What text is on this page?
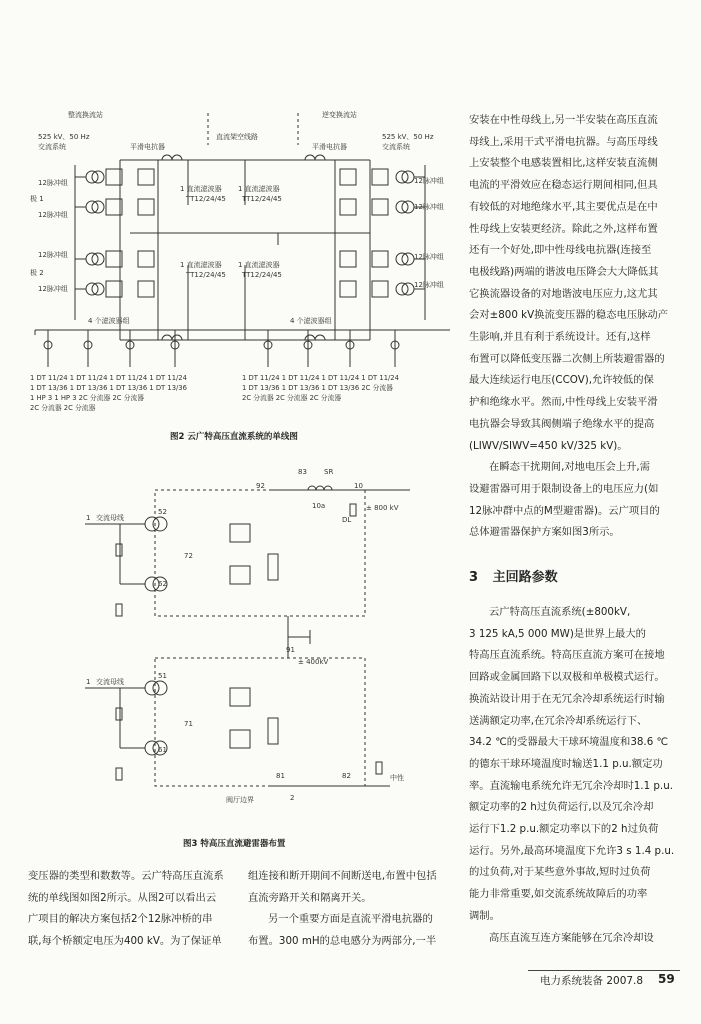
整流换流站	逆变换流站
525 kV、50 Hz
交流系统
525 kV、50 Hz
交流系统
平滑电抗器	平滑电抗器
直流架空线路
12脉冲组
12脉冲组
12脉冲组
12脉冲组
12脉冲组
12脉冲组
12脉冲组
12脉冲组
极 1
极 2
1 直流滤波器
TT12/24/45
1 直流滤波器
TT12/24/45
1 直流滤波器
TT12/24/45
1 直流滤波器
TT12/24/45
4 个滤波器组	4 个滤波器组
1 DT 11/24 1 DT 11/24 1 DT 11/24 1 DT 11/24
1 DT 13/36 1 DT 13/36 1 DT 13/36 1 DT 13/36
1 HP 3 1 HP 3 2C 分流器 2C 分流器
2C 分流器 2C 分流器
1 DT 11/24 1 DT 11/24 1 DT 11/24 1 DT 11/24
1 DT 13/36 1 DT 13/36 1 DT 13/36 2C 分流器
2C 分流器 2C 分流器 2C 分流器
图2 云广特高压直流系统的单线图
92
83 SR
10
10a
DL
± 800 kV
1 交流母线
52
72
62
91
± 400kV
1 交流母线
51
71
61
81	82	中性
阀厅边界	2
图3 特高压直流避雷器布置

安装在中性母线上,另一半安装在高压直流

母线上,采用干式平滑电抗器。与高压母线

上安装整个电感装置相比,这样安装直流侧

电流的平滑效应在稳态运行期间相同,但具

有较低的对地绝缘水平,其主要优点是在中

性母线上安装更经济。除此之外,这样布置

还有一个好处,即中性母线电抗器(连接至

电极线路)两端的谐波电压降会大大降低其

它换流器设备的对地谐波电压应力,这尤其

会对±800 kV换流变压器的稳态电压脉动产

生影响,并且有利于系统设计。还有,这样

布置可以降低变压器二次侧上所装避雷器的

最大连续运行电压(CCOV),允许较低的保

护和绝缘水平。然而,中性母线上安装平滑

电抗器会导致其阀侧端子绝缘水平的提高

(LIWV/SIWV=450 kV/325 kV)。

在瞬态干扰期间,对地电压会上升,需

设避雷器可用于限制设备上的电压应力(如

12脉冲群中点的M型避雷器)。云广项目的

总体避雷器保护方案如图3所示。

3 主回路参数

云广特高压直流系统(±800kV,

3 125 kA,5 000 MW)是世界上最大的

特高压直流系统。特高压直流方案可在接地

回路或金属回路下以双极和单极模式运行。

换流站设计用于在无冗余冷却系统运行时输

送满额定功率,在冗余冷却系统运行下、

34.2 ℃的受器最大干球环境温度和38.6 ℃

的德东干球环境温度时输送1.1 p.u.额定功

率。直流输电系统允许无冗余冷却时1.1 p.u.

额定功率的2 h过负荷运行,以及冗余冷却

运行下1.2 p.u.额定功率以下的2 h过负荷

运行。另外,最高环境温度下允许3 s 1.4 p.u.

的过负荷,对于某些意外事故,短时过负荷

能力非常重要,如交流系统故障后的功率

调制。

高压直流互连方案能够在冗余冷却设

变压器的类型和数数等。云广特高压直流系

统的单线图如图2所示。从图2可以看出云

广项目的解决方案包括2个12脉冲桥的串

联,每个桥额定电压为400 kV。为了保证单

组连接和断开期间不间断送电,布置中包括

直流旁路开关和隔离开关。

另一个重要方面是直流平滑电抗器的

布置。300 mH的总电感分为两部分,一半

电力系统装备 2007.8 59
